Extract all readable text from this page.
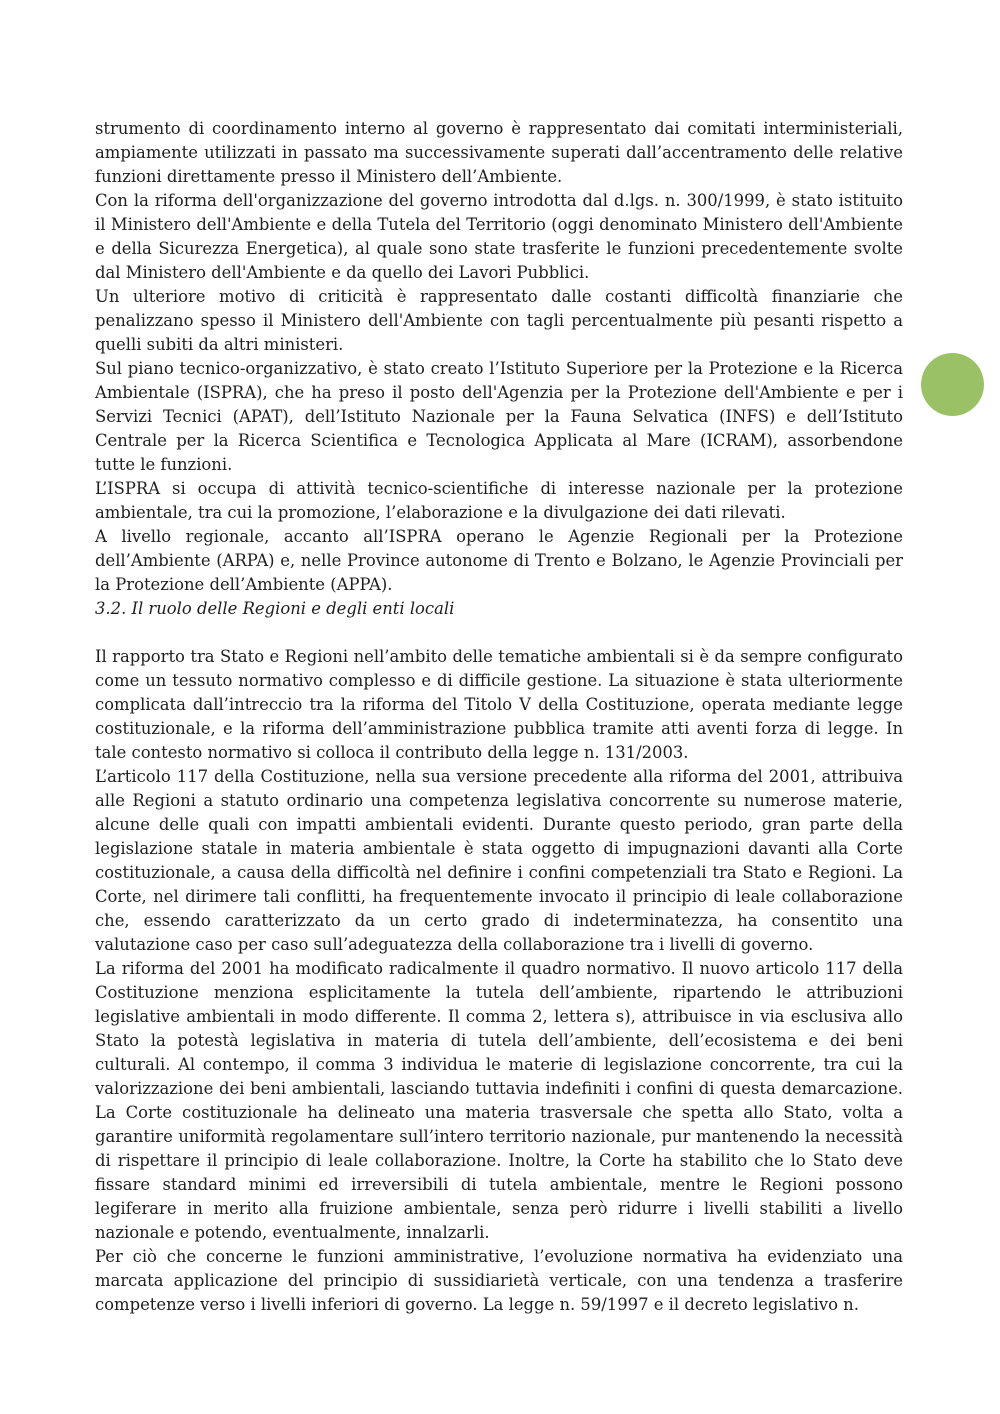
strumento di coordinamento interno al governo è rappresentato dai comitati interministeriali, ampiamente utilizzati in passato ma successivamente superati dall’accentramento delle relative funzioni direttamente presso il Ministero dell’Ambiente.

Con la riforma dell'organizzazione del governo introdotta dal d.lgs. n. 300/1999, è stato istituito il Ministero dell'Ambiente e della Tutela del Territorio (oggi denominato Ministero dell'Ambiente e della Sicurezza Energetica), al quale sono state trasferite le funzioni precedentemente svolte dal Ministero dell'Ambiente e da quello dei Lavori Pubblici.

Un ulteriore motivo di criticità è rappresentato dalle costanti difficoltà finanziarie che penalizzano spesso il Ministero dell'Ambiente con tagli percentualmente più pesanti rispetto a quelli subiti da altri ministeri.

Sul piano tecnico-organizzativo, è stato creato l’Istituto Superiore per la Protezione e la Ricerca Ambientale (ISPRA), che ha preso il posto dell'Agenzia per la Protezione dell'Ambiente e per i Servizi Tecnici (APAT), dell’Istituto Nazionale per la Fauna Selvatica (INFS) e dell’Istituto Centrale per la Ricerca Scientifica e Tecnologica Applicata al Mare (ICRAM), assorbendone tutte le funzioni.

L’ISPRA si occupa di attività tecnico-scientifiche di interesse nazionale per la protezione ambientale, tra cui la promozione, l’elaborazione e la divulgazione dei dati rilevati.

A livello regionale, accanto all’ISPRA operano le Agenzie Regionali per la Protezione dell’Ambiente (ARPA) e, nelle Province autonome di Trento e Bolzano, le Agenzie Provinciali per la Protezione dell’Ambiente (APPA).

3.2. Il ruolo delle Regioni e degli enti locali

Il rapporto tra Stato e Regioni nell’ambito delle tematiche ambientali si è da sempre configurato come un tessuto normativo complesso e di difficile gestione. La situazione è stata ulteriormente complicata dall’intreccio tra la riforma del Titolo V della Costituzione, operata mediante legge costituzionale, e la riforma dell’amministrazione pubblica tramite atti aventi forza di legge. In tale contesto normativo si colloca il contributo della legge n. 131/2003.

L’articolo 117 della Costituzione, nella sua versione precedente alla riforma del 2001, attribuiva alle Regioni a statuto ordinario una competenza legislativa concorrente su numerose materie, alcune delle quali con impatti ambientali evidenti. Durante questo periodo, gran parte della legislazione statale in materia ambientale è stata oggetto di impugnazioni davanti alla Corte costituzionale, a causa della difficoltà nel definire i confini competenziali tra Stato e Regioni. La Corte, nel dirimere tali conflitti, ha frequentemente invocato il principio di leale collaborazione che, essendo caratterizzato da un certo grado di indeterminatezza, ha consentito una valutazione caso per caso sull’adeguatezza della collaborazione tra i livelli di governo.

La riforma del 2001 ha modificato radicalmente il quadro normativo. Il nuovo articolo 117 della Costituzione menziona esplicitamente la tutela dell’ambiente, ripartendo le attribuzioni legislative ambientali in modo differente. Il comma 2, lettera s), attribuisce in via esclusiva allo Stato la potestà legislativa in materia di tutela dell’ambiente, dell’ecosistema e dei beni culturali. Al contempo, il comma 3 individua le materie di legislazione concorrente, tra cui la valorizzazione dei beni ambientali, lasciando tuttavia indefiniti i confini di questa demarcazione. La Corte costituzionale ha delineato una materia trasversale che spetta allo Stato, volta a garantire uniformità regolamentare sull’intero territorio nazionale, pur mantenendo la necessità di rispettare il principio di leale collaborazione. Inoltre, la Corte ha stabilito che lo Stato deve fissare standard minimi ed irreversibili di tutela ambientale, mentre le Regioni possono legiferare in merito alla fruizione ambientale, senza però ridurre i livelli stabiliti a livello nazionale e potendo, eventualmente, innalzarli.

Per ciò che concerne le funzioni amministrative, l’evoluzione normativa ha evidenziato una marcata applicazione del principio di sussidiarietà verticale, con una tendenza a trasferire competenze verso i livelli inferiori di governo. La legge n. 59/1997 e il decreto legislativo n.
